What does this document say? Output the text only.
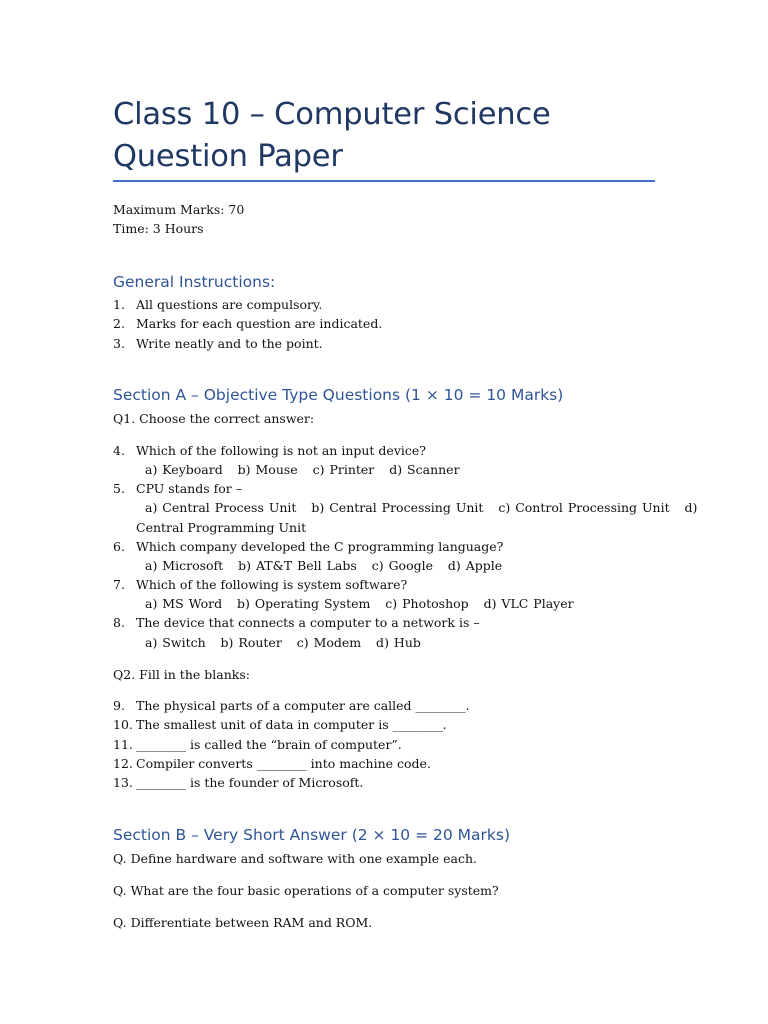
Class 10 – Computer Science Question Paper
Maximum Marks: 70
Time: 3 Hours
General Instructions:
1. All questions are compulsory.
2. Marks for each question are indicated.
3. Write neatly and to the point.
Section A – Objective Type Questions (1 × 10 = 10 Marks)
Q1. Choose the correct answer:
4. Which of the following is not an input device?
a) Keyboard   b) Mouse   c) Printer   d) Scanner
5. CPU stands for –
a) Central Process Unit   b) Central Processing Unit   c) Control Processing Unit   d)
Central Programming Unit
6. Which company developed the C programming language?
a) Microsoft   b) AT&T Bell Labs   c) Google   d) Apple
7. Which of the following is system software?
a) MS Word   b) Operating System   c) Photoshop   d) VLC Player
8. The device that connects a computer to a network is –
a) Switch   b) Router   c) Modem   d) Hub
Q2. Fill in the blanks:
9. The physical parts of a computer are called ________.
10. The smallest unit of data in computer is ________.
11. ________ is called the “brain of computer”.
12. Compiler converts ________ into machine code.
13. ________ is the founder of Microsoft.
Section B – Very Short Answer (2 × 10 = 20 Marks)
Q. Define hardware and software with one example each.
Q. What are the four basic operations of a computer system?
Q. Differentiate between RAM and ROM.
